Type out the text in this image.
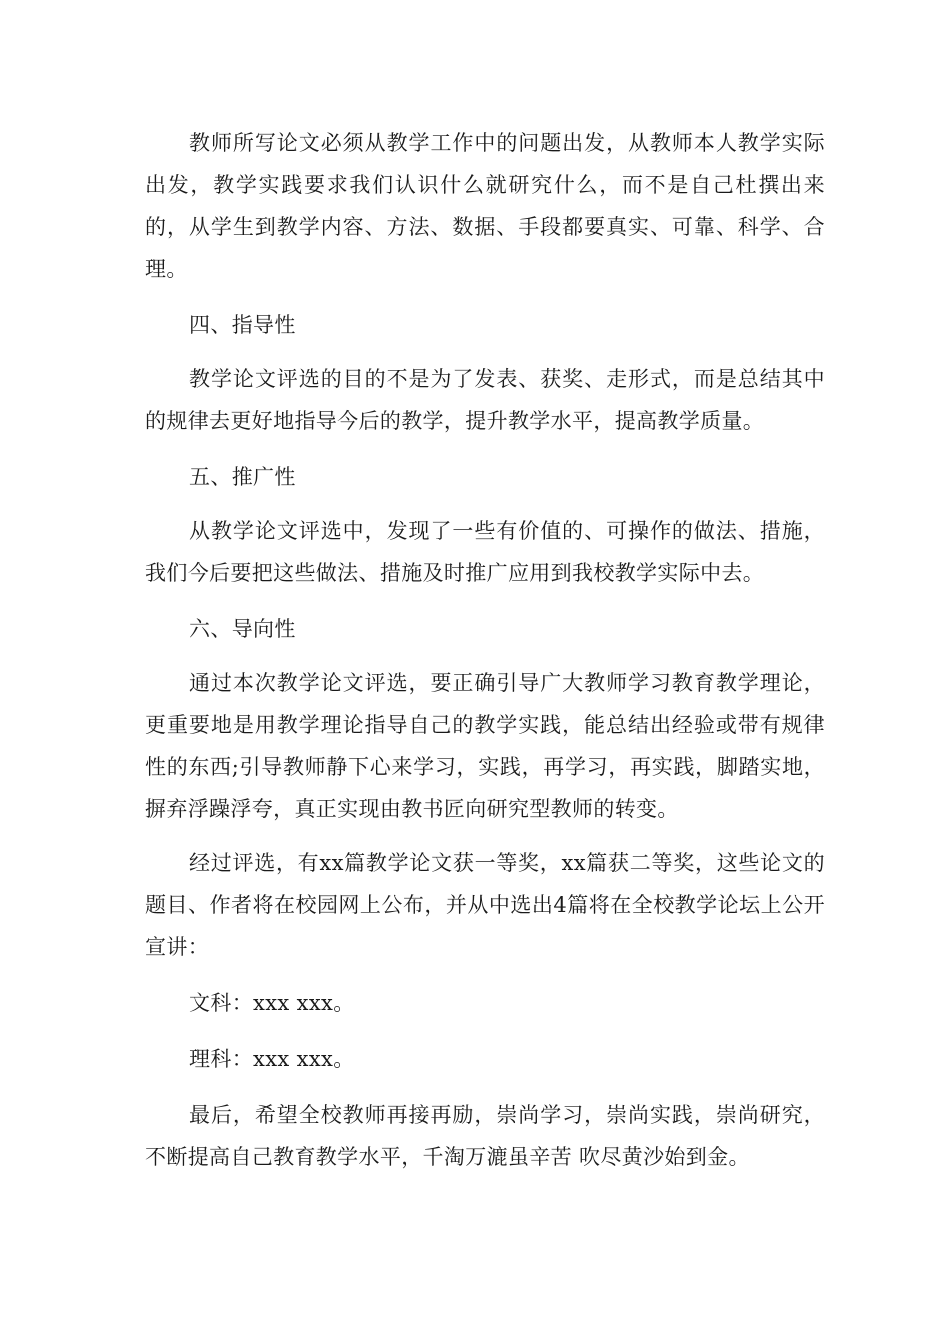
教师所写论文必须从教学工作中的问题出发，从教师本人教学实际出发，教学实践要求我们认识什么就研究什么，而不是自己杜撰出来的，从学生到教学内容、方法、数据、手段都要真实、可靠、科学、合理。

四、指导性

教学论文评选的目的不是为了发表、获奖、走形式，而是总结其中的规律去更好地指导今后的教学，提升教学水平，提高教学质量。

五、推广性

从教学论文评选中，发现了一些有价值的、可操作的做法、措施，我们今后要把这些做法、措施及时推广应用到我校教学实际中去。

六、导向性

通过本次教学论文评选，要正确引导广大教师学习教育教学理论，更重要地是用教学理论指导自己的教学实践，能总结出经验或带有规律性的东西;引导教师静下心来学习，实践，再学习，再实践，脚踏实地，摒弃浮躁浮夸，真正实现由教书匠向研究型教师的转变。

经过评选，有xx篇教学论文获一等奖，xx篇获二等奖，这些论文的题目、作者将在校园网上公布，并从中选出4篇将在全校教学论坛上公开宣讲：

文科：xxx xxx。

理科：xxx xxx。

最后，希望全校教师再接再励，崇尚学习，崇尚实践，崇尚研究，不断提高自己教育教学水平，千淘万漉虽辛苦 吹尽黄沙始到金。
